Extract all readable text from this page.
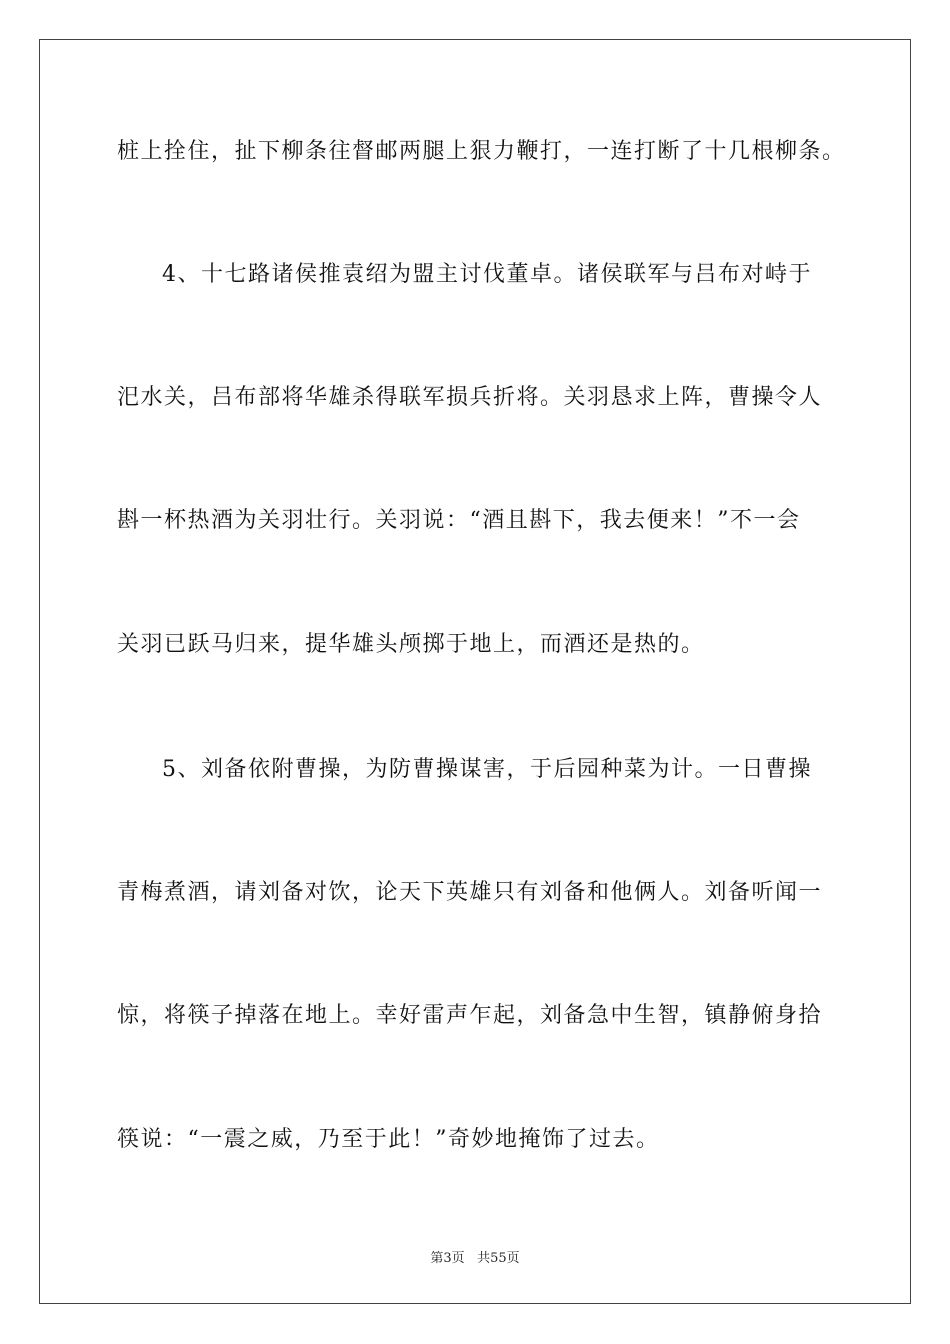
桩上拴住，扯下柳条往督邮两腿上狠力鞭打，一连打断了十几根柳条。
4、十七路诸侯推袁绍为盟主讨伐董卓。诸侯联军与吕布对峙于
汜水关，吕布部将华雄杀得联军损兵折将。关羽恳求上阵，曹操令人
斟一杯热酒为关羽壮行。关羽说：“酒且斟下，我去便来！”不一会
关羽已跃马归来，提华雄头颅掷于地上，而酒还是热的。
5、刘备依附曹操，为防曹操谋害，于后园种菜为计。一日曹操
青梅煮酒，请刘备对饮，论天下英雄只有刘备和他俩人。刘备听闻一
惊，将筷子掉落在地上。幸好雷声乍起，刘备急中生智，镇静俯身拾
筷说：“一震之威，乃至于此！”奇妙地掩饰了过去。
第3页 共55页
